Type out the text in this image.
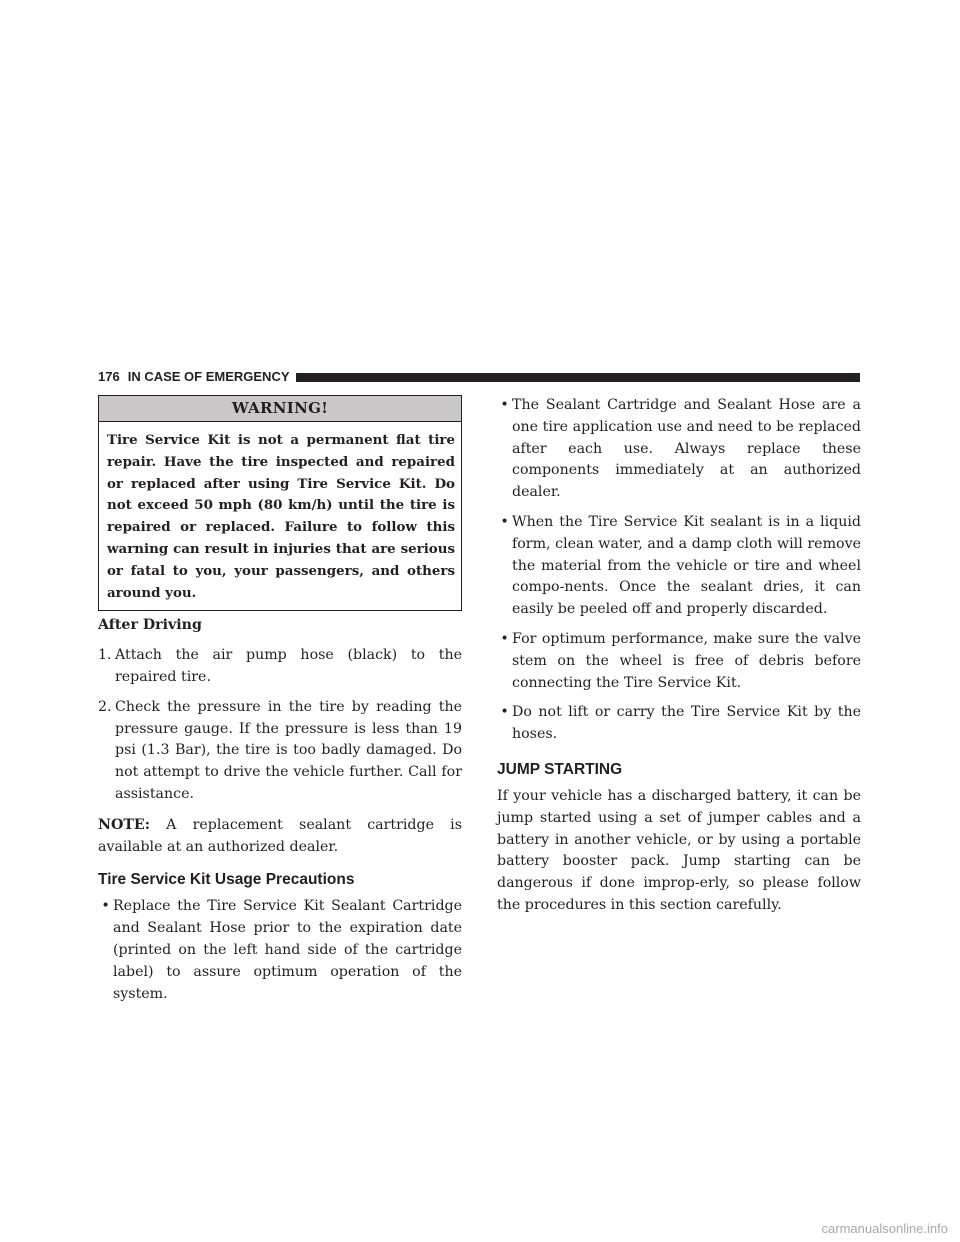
176 IN CASE OF EMERGENCY
WARNING!
Tire Service Kit is not a permanent flat tire repair. Have the tire inspected and repaired or replaced after using Tire Service Kit. Do not exceed 50 mph (80 km/h) until the tire is repaired or replaced. Failure to follow this warning can result in injuries that are serious or fatal to you, your passengers, and others around you.
After Driving
1. Attach the air pump hose (black) to the repaired tire.
2. Check the pressure in the tire by reading the pressure gauge. If the pressure is less than 19 psi (1.3 Bar), the tire is too badly damaged. Do not attempt to drive the vehicle further. Call for assistance.

NOTE: A replacement sealant cartridge is available at an authorized dealer.

Tire Service Kit Usage Precautions
• Replace the Tire Service Kit Sealant Cartridge and Sealant Hose prior to the expiration date (printed on the left hand side of the cartridge label) to assure optimum operation of the system.
• The Sealant Cartridge and Sealant Hose are a one tire application use and need to be replaced after each use. Always replace these components immediately at an authorized dealer.
• When the Tire Service Kit sealant is in a liquid form, clean water, and a damp cloth will remove the material from the vehicle or tire and wheel compo-nents. Once the sealant dries, it can easily be peeled off and properly discarded.
• For optimum performance, make sure the valve stem on the wheel is free of debris before connecting the Tire Service Kit.
• Do not lift or carry the Tire Service Kit by the hoses.
JUMP STARTING

If your vehicle has a discharged battery, it can be jump started using a set of jumper cables and a battery in another vehicle, or by using a portable battery booster pack. Jump starting can be dangerous if done improp-erly, so please follow the procedures in this section carefully.

carmanualsonline.info
